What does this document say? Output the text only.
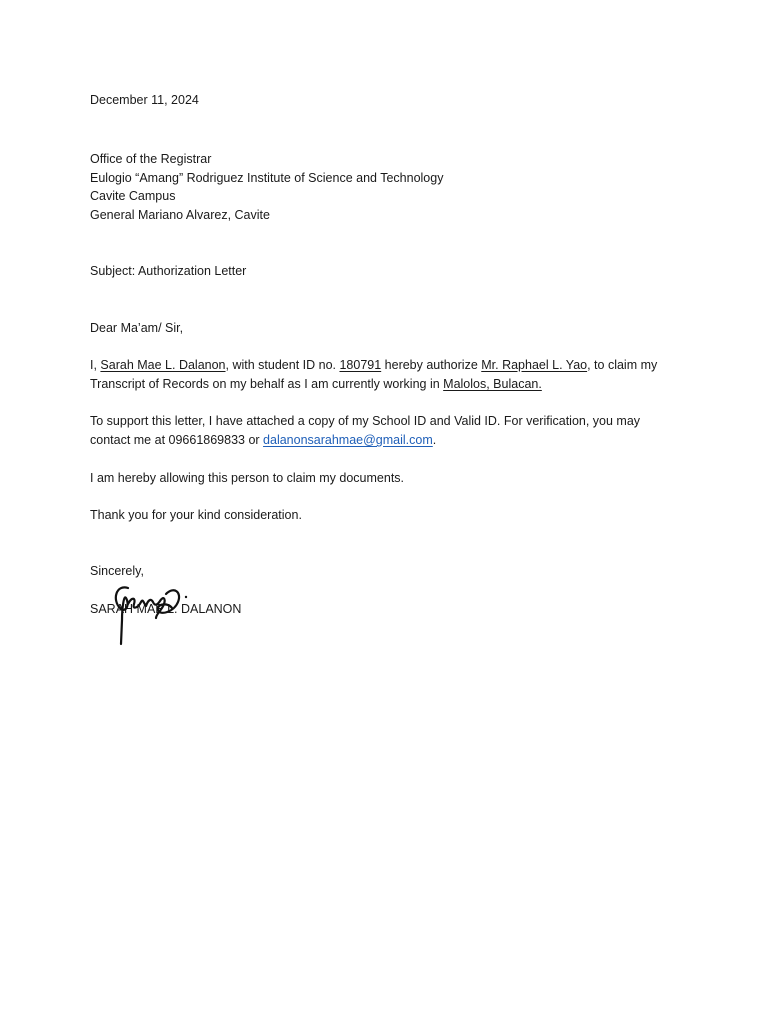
December 11, 2024
Office of the Registrar
Eulogio “Amang” Rodriguez Institute of Science and Technology
Cavite Campus
General Mariano Alvarez, Cavite
Subject: Authorization Letter
Dear Ma’am/ Sir,
I, Sarah Mae L. Dalanon, with student ID no. 180791 hereby authorize Mr. Raphael L. Yao, to claim my
Transcript of Records on my behalf as I am currently working in Malolos, Bulacan.
To support this letter, I have attached a copy of my School ID and Valid ID. For verification, you may
contact me at 09661869833 or dalanonsarahmae@gmail.com.
I am hereby allowing this person to claim my documents.
Thank you for your kind consideration.
Sincerely,
SARAH MAE L. DALANON
